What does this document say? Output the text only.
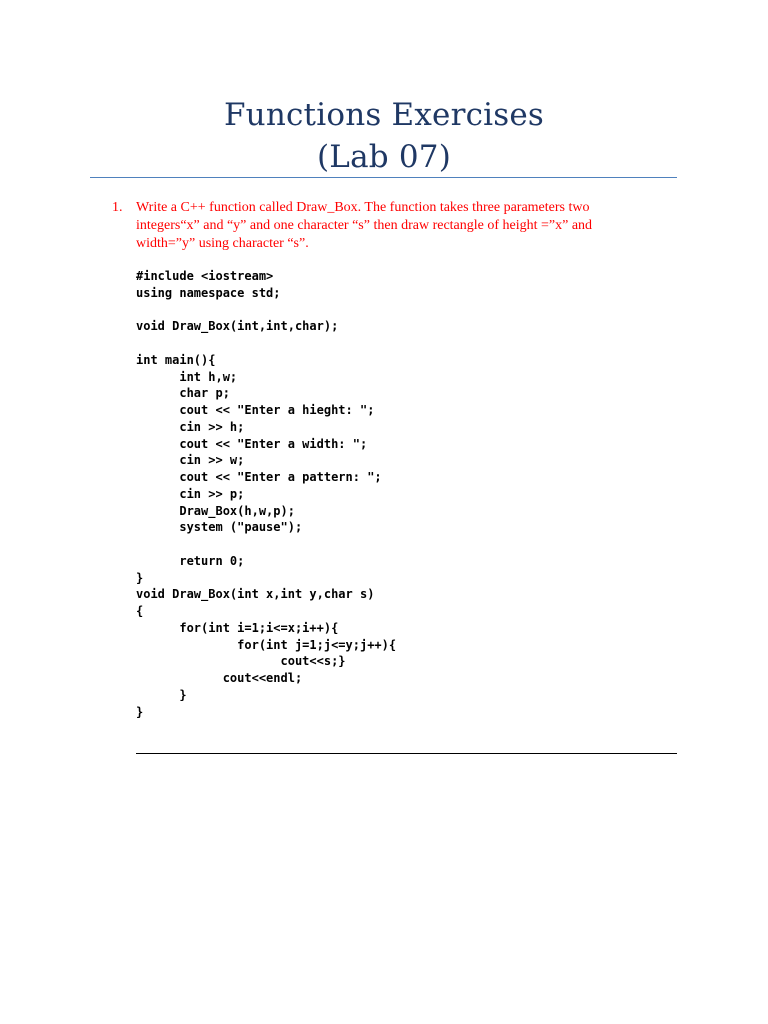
Functions Exercises
(Lab 07)
1. Write a C++ function called Draw_Box. The function takes three parameters two integers“x” and “y” and one character “s” then draw rectangle of height =”x” and width=”y” using character “s”.
#include <iostream>
using namespace std;

void Draw_Box(int,int,char);

int main(){
int h,w;
char p;
cout << "Enter a hieght: ";
cin >> h;
cout << "Enter a width: ";
cin >> w;
cout << "Enter a pattern: ";
cin >> p;
Draw_Box(h,w,p);
system ("pause");

return 0;
}
void Draw_Box(int x,int y,char s)
{
for(int i=1;i<=x;i++){
for(int j=1;j<=y;j++){
cout<<s;}
cout<<endl;
}
}
